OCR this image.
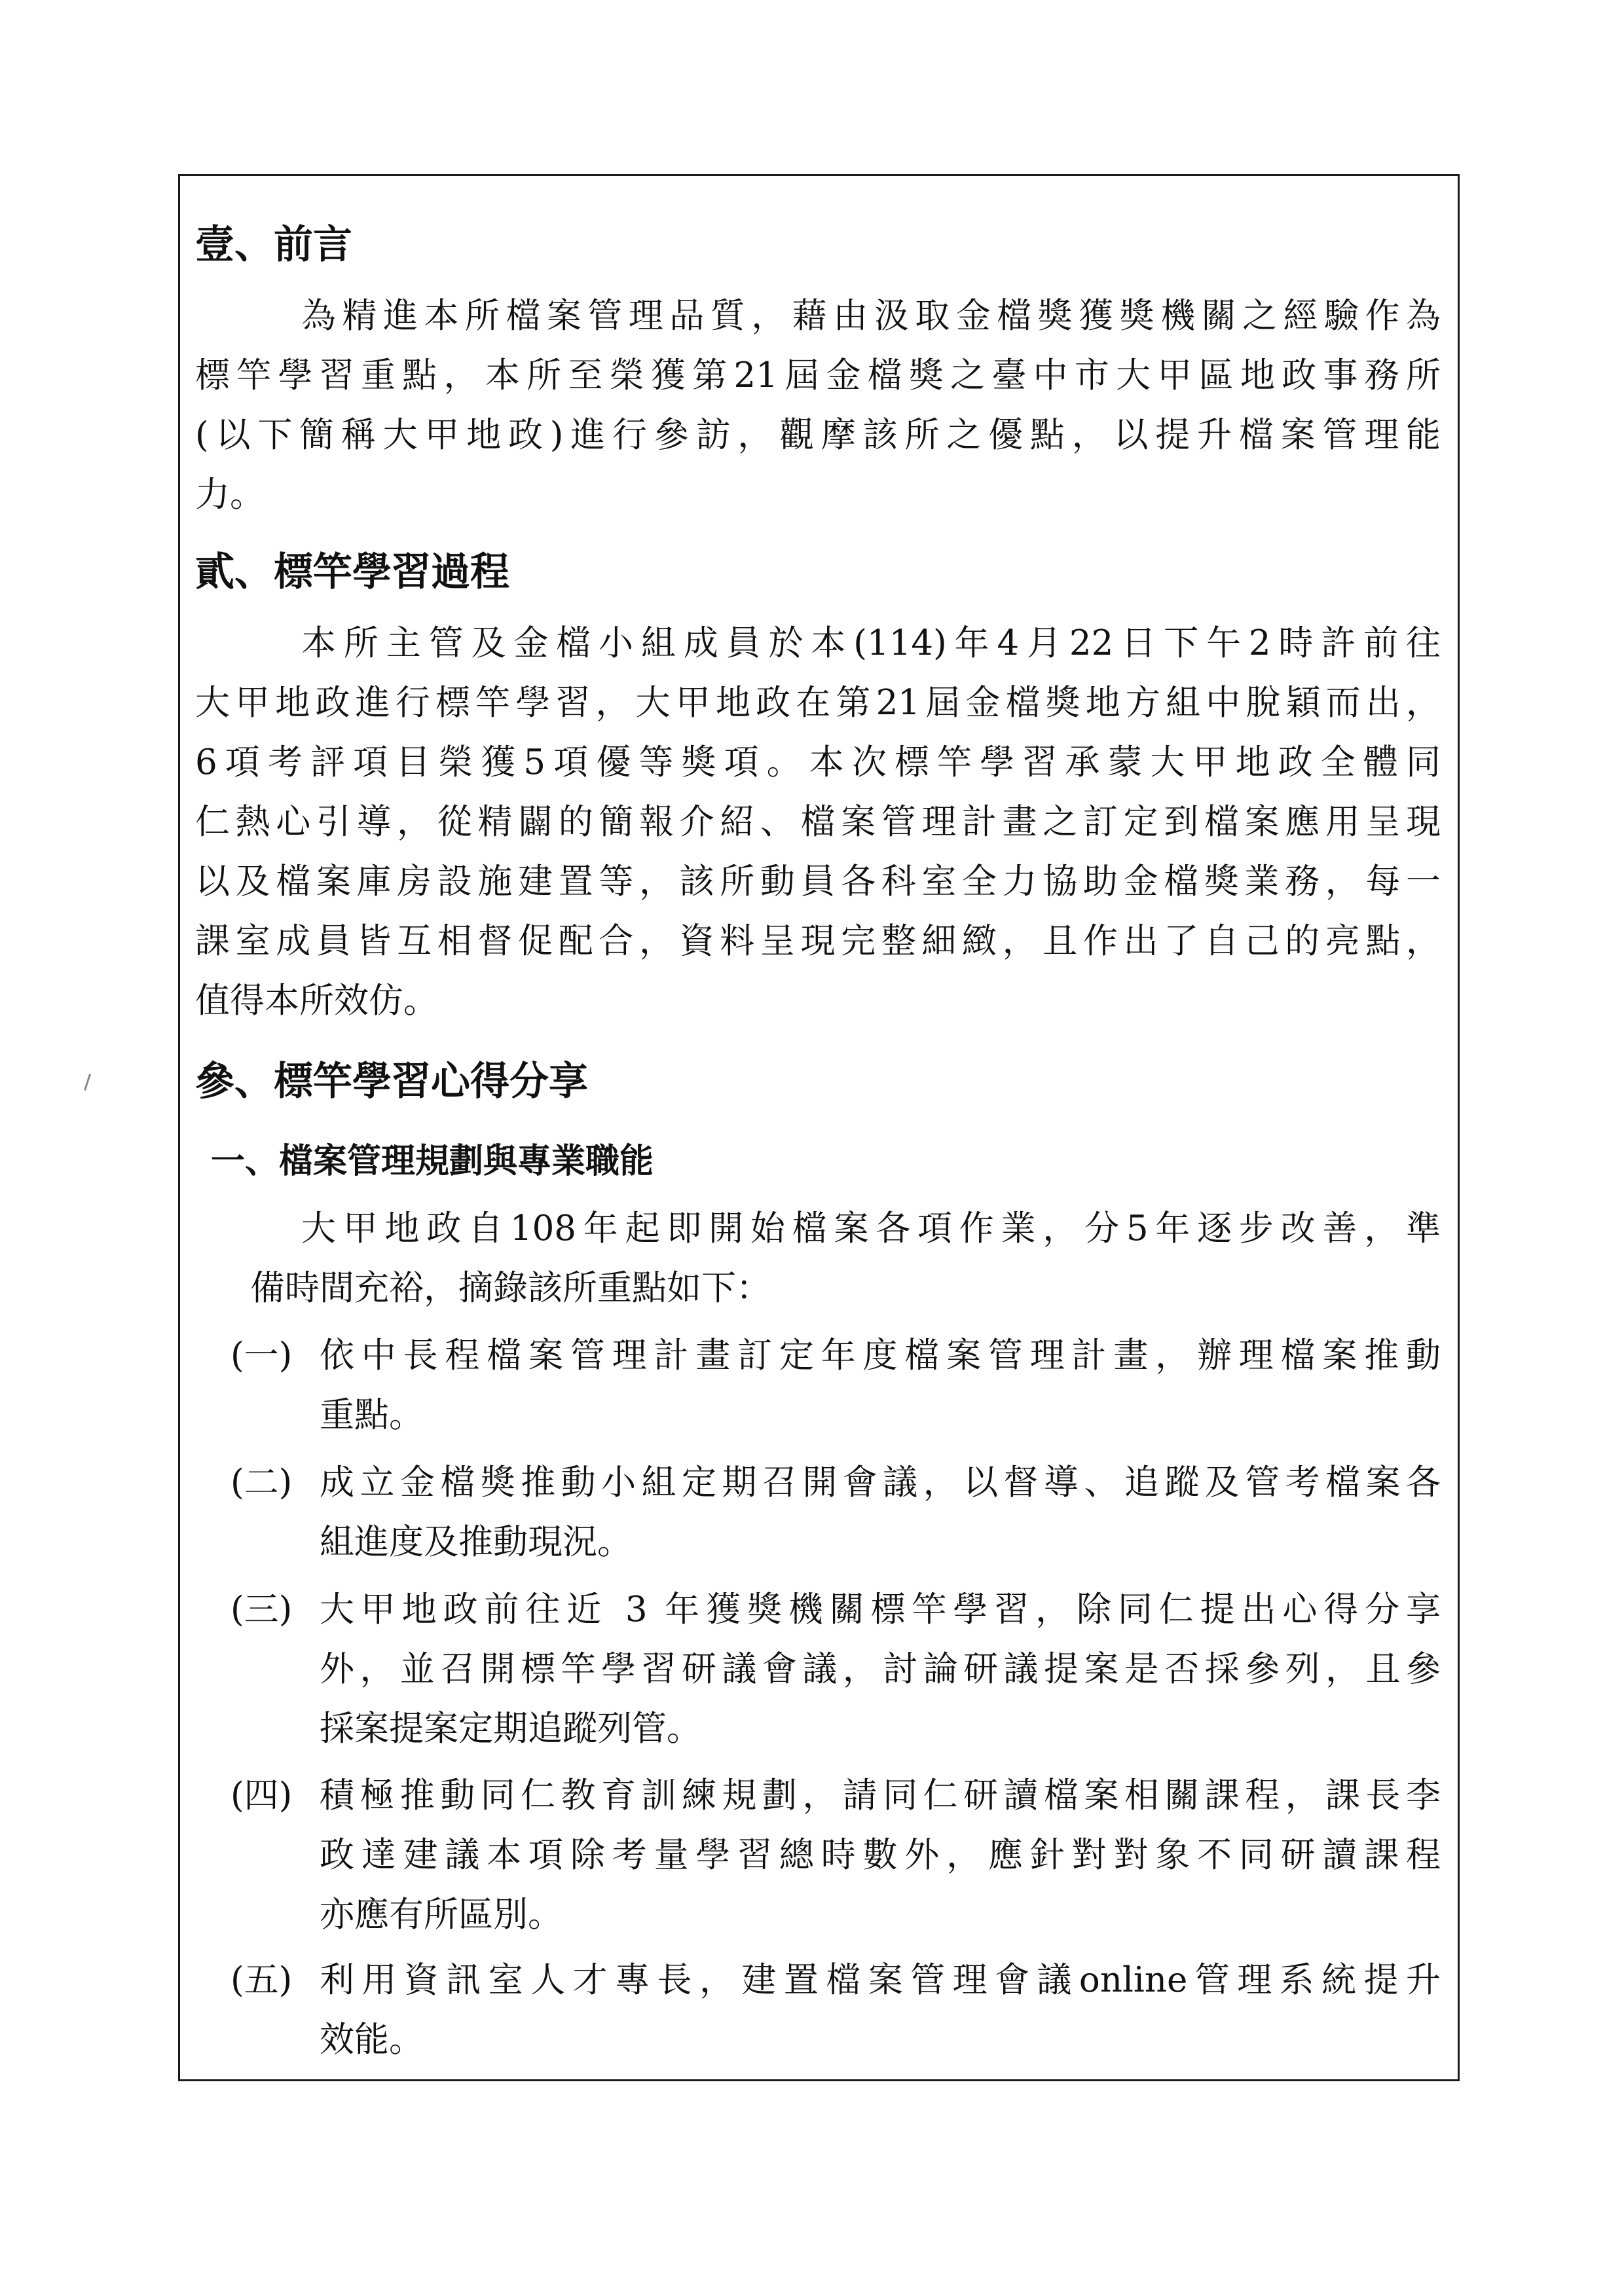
壹、前言
為精進本所檔案管理品質，藉由汲取金檔獎獲獎機關之經驗作為
標竿學習重點，本所至榮獲第21屆金檔獎之臺中市大甲區地政事務所
(以下簡稱大甲地政)進行參訪，觀摩該所之優點，以提升檔案管理能
力。
貳、標竿學習過程
本所主管及金檔小組成員於本(114)年4月22日下午2時許前往
大甲地政進行標竿學習，大甲地政在第21屆金檔獎地方組中脫穎而出，
6項考評項目榮獲5項優等獎項。本次標竿學習承蒙大甲地政全體同
仁熱心引導，從精闢的簡報介紹、檔案管理計畫之訂定到檔案應用呈現
以及檔案庫房設施建置等，該所動員各科室全力協助金檔獎業務，每一
課室成員皆互相督促配合，資料呈現完整細緻，且作出了自己的亮點，
值得本所效仿。
參、標竿學習心得分享
一、檔案管理規劃與專業職能
大甲地政自108年起即開始檔案各項作業，分5年逐步改善，準
備時間充裕，摘錄該所重點如下：
(一) 依中長程檔案管理計畫訂定年度檔案管理計畫，辦理檔案推動
重點。
(二) 成立金檔獎推動小組定期召開會議，以督導、追蹤及管考檔案各
組進度及推動現況。
(三) 大甲地政前往近 3 年獲獎機關標竿學習，除同仁提出心得分享
外，並召開標竿學習研議會議，討論研議提案是否採參列，且參
採案提案定期追蹤列管。
(四) 積極推動同仁教育訓練規劃，請同仁研讀檔案相關課程，課長李
政達建議本項除考量學習總時數外，應針對對象不同研讀課程
亦應有所區別。
(五) 利用資訊室人才專長，建置檔案管理會議online管理系統提升
效能。
